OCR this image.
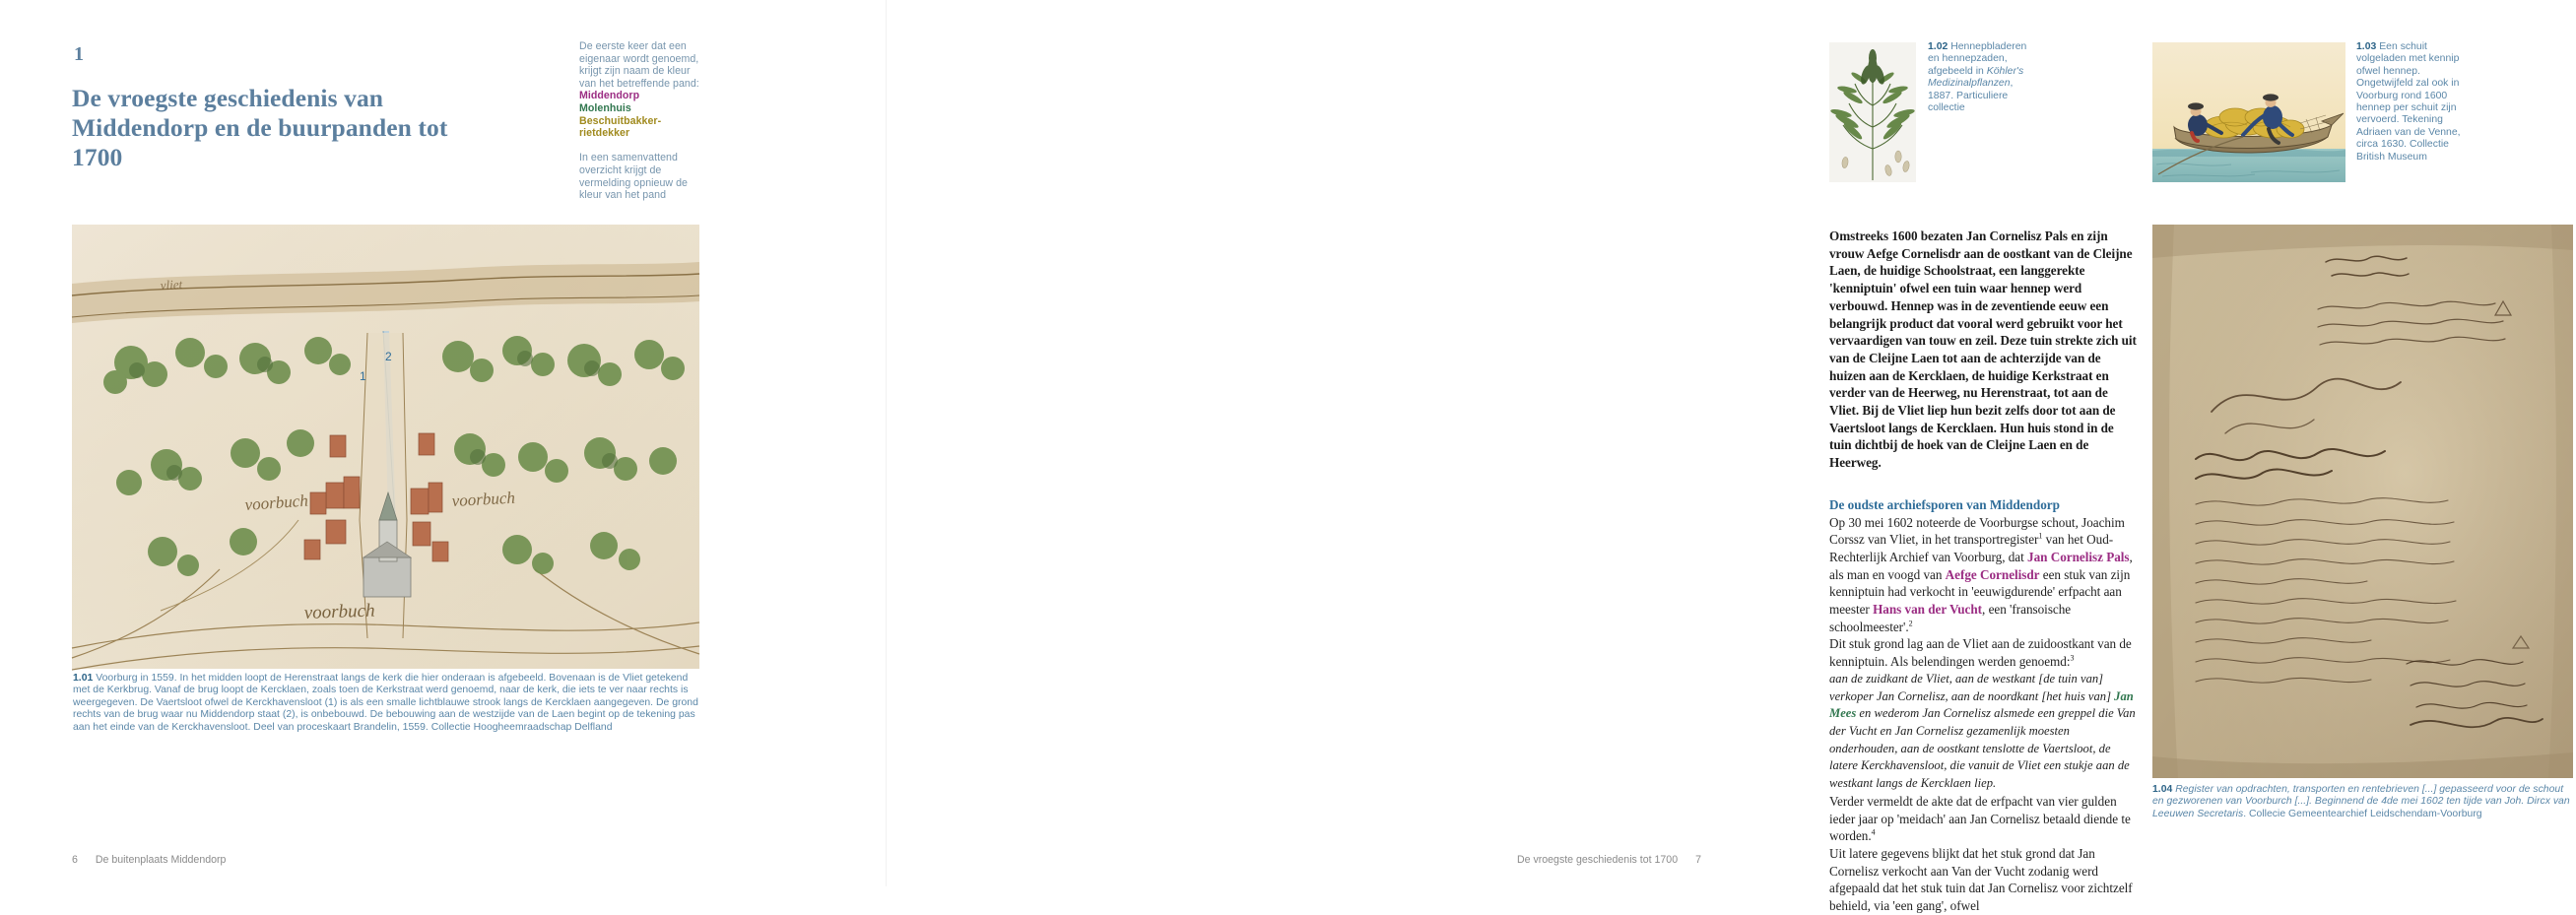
1
De vroegste geschiedenis van Middendorp en de buurpanden tot 1700
De eerste keer dat een eigenaar wordt genoemd, krijgt zijn naam de kleur van het betreffende pand:
Middendorp
Molenhuis
Beschuitbakker-rietdekker
In een samenvattend overzicht krijgt de vermelding opnieuw de kleur van het pand
voorbuch	voorbuch
voorbuch
vliet
2
1
1.01 Voorburg in 1559. In het midden loopt de Herenstraat langs de kerk die hier onderaan is afgebeeld. Bovenaan is de Vliet getekend met de Kerkbrug. Vanaf de brug loopt de Kercklaen, zoals toen de Kerkstraat werd genoemd, naar de kerk, die iets te ver naar rechts is weergegeven. De Vaertsloot ofwel de Kerckhavensloot (1) is als een smalle lichtblauwe strook langs de Kercklaen aangegeven. De grond rechts van de brug waar nu Middendorp staat (2), is onbebouwd. De bebouwing aan de westzijde van de Laen begint op de tekening pas aan het einde van de Kerckhavensloot. Deel van proceskaart Brandelin, 1559. Collectie Hoogheemraadschap Delfland
6 De buitenplaats Middendorp
1.02 Hennepbladeren en hennepzaden, afgebeeld in Köhler's Medizinalpflanzen, 1887. Particuliere collectie
1.03 Een schuit volgeladen met kennip ofwel hennep. Ongetwijfeld zal ook in Voorburg rond 1600 hennep per schuit zijn vervoerd. Tekening Adriaen van de Venne, circa 1630. Collectie British Museum

Omstreeks 1600 bezaten Jan Cornelisz Pals en zijn vrouw Aefge Cornelisdr aan de oostkant van de Cleijne Laen, de huidige Schoolstraat, een langgerekte 'kenniptuin' ofwel een tuin waar hennep werd verbouwd. Hennep was in de zeventiende eeuw een belangrijk product dat vooral werd gebruikt voor het vervaardigen van touw en zeil. Deze tuin strekte zich uit van de Cleijne Laen tot aan de achterzijde van de huizen aan de Kercklaen, de huidige Kerkstraat en verder van de Heerweg, nu Herenstraat, tot aan de Vliet. Bij de Vliet liep hun bezit zelfs door tot aan de Vaertsloot langs de Kercklaen. Hun huis stond in de tuin dichtbij de hoek van de Cleijne Laen en de Heerweg.

De oudste archiefsporen van Middendorp

Op 30 mei 1602 noteerde de Voorburgse schout, Joachim Corssz van Vliet, in het transportregister$^1$ van het Oud-Rechterlijk Archief van Voorburg, dat Jan Cornelisz Pals, als man en voogd van Aefge Cornelisdr een stuk van zijn kenniptuin had verkocht in 'eeuwigdurende' erfpacht aan meester Hans van der Vucht, een 'fransoische schoolmeester'.$^2$

Dit stuk grond lag aan de Vliet aan de zuidoostkant van de kenniptuin. Als belendingen werden genoemd:$^3$

aan de zuidkant de Vliet, aan de westkant [de tuin van] verkoper Jan Cornelisz, aan de noordkant [het huis van] Jan Mees en wederom Jan Cornelisz alsmede een greppel die Van der Vucht en Jan Cornelisz gezamenlijk moesten onderhouden, aan de oostkant tenslotte de Vaertsloot, de latere Kerckhavensloot, die vanuit de Vliet een stukje aan de westkant langs de Kercklaen liep.

Verder vermeldt de akte dat de erfpacht van vier gulden ieder jaar op 'meidach' aan Jan Cornelisz betaald diende te worden.$^4$

Uit latere gegevens blijkt dat het stuk grond dat Jan Cornelisz verkocht aan Van der Vucht zodanig werd afgepaald dat het stuk tuin dat Jan Cornelisz voor zichtzelf behield, via 'een gang', ofwel

1.04 Register van opdrachten, transporten en rentebrieven [...] gepasseerd voor de schout en gezworenen van Voorburch [...]. Beginnend de 4de mei 1602 ten tijde van Joh. Dircx van Leeuwen Secretaris. Collecie Gemeentearchief Leidschendam-Voorburg
De vroegste geschiedenis tot 1700 7
